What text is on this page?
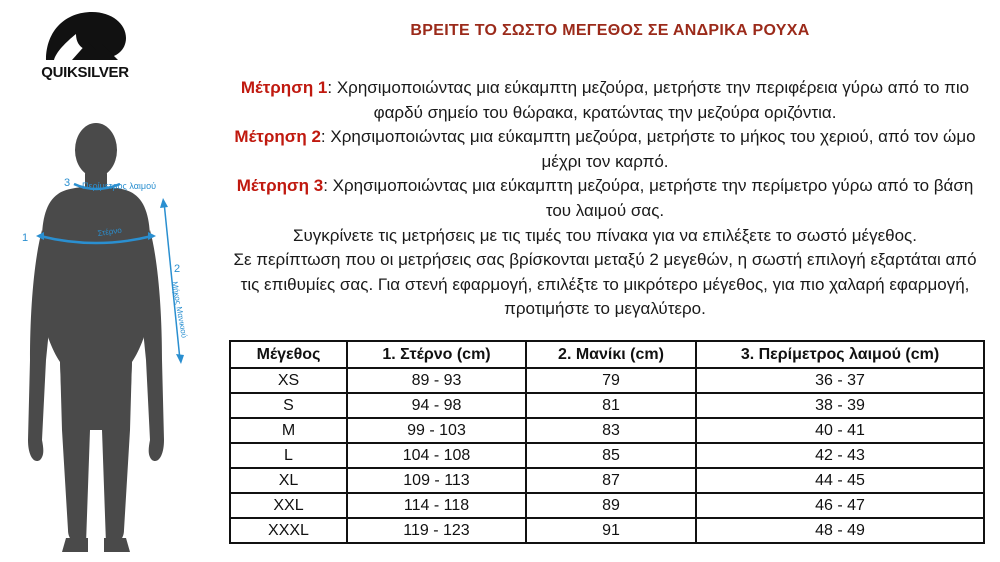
QUIKSILVER
ΒΡΕΙΤΕ ΤΟ ΣΩΣΤΟ ΜΕΓΕΘΟΣ ΣΕ ΑΝΔΡΙΚΑ ΡΟΥΧΑ

Μέτρηση 1: Χρησιμοποιώντας μια εύκαμπτη μεζούρα, μετρήστε την περιφέρεια γύρω από το πιο φαρδύ σημείο του θώρακα, κρατώντας την μεζούρα οριζόντια.

Μέτρηση 2: Χρησιμοποιώντας μια εύκαμπτη μεζούρα, μετρήστε το μήκος του χεριού, από τον ώμο μέχρι τον καρπό.

Μέτρηση 3: Χρησιμοποιώντας μια εύκαμπτη μεζούρα, μετρήστε την περίμετρο γύρω από το βάση του λαιμού σας.

Συγκρίνετε τις μετρήσεις με τις τιμές του πίνακα για να επιλέξετε το σωστό μέγεθος.

Σε περίπτωση που οι μετρήσεις σας βρίσκονται μεταξύ 2 μεγεθών, η σωστή επιλογή εξαρτάται από τις επιθυμίες σας. Για στενή εφαρμογή, επιλέξτε το μικρότερο μέγεθος, για πιο χαλαρή εφαρμογή, προτιμήστε το μεγαλύτερο.

3 Περίμετρος λαιμού
1
Στέρνο
2
Μήκος Μανικιού
Μέγεθος	1. Στέρνο (cm)	2. Μανίκι (cm)	3. Περίμετρος λαιμού (cm)
XS	89 - 93	79	36 - 37
S	94 - 98	81	38 - 39
M	99 - 103	83	40 - 41
L	104 - 108	85	42 - 43
XL	109 - 113	87	44 - 45
XXL	114 - 118	89	46 - 47
XXXL	119 - 123	91	48 - 49
